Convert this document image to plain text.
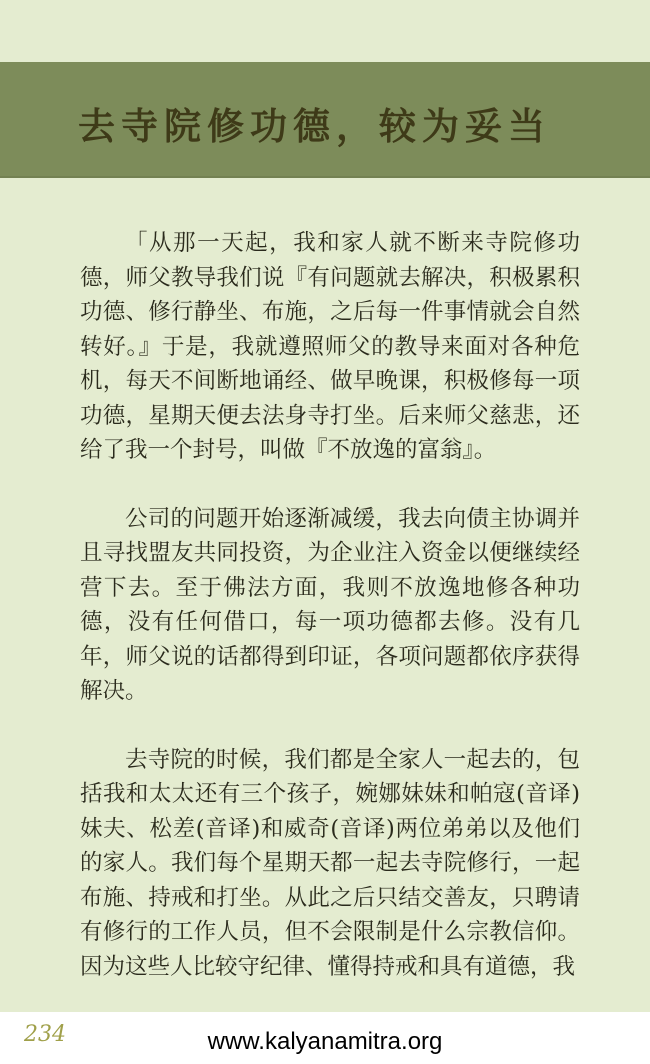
去寺院修功德，较为妥当

「从那一天起，我和家人就不断来寺院修功德，师父教导我们说『有问题就去解决，积极累积功德、修行静坐、布施，之后每一件事情就会自然转好。』于是，我就遵照师父的教导来面对各种危机，每天不间断地诵经、做早晚课，积极修每一项功德，星期天便去法身寺打坐。后来师父慈悲，还给了我一个封号，叫做『不放逸的富翁』。

公司的问题开始逐渐减缓，我去向债主协调并且寻找盟友共同投资，为企业注入资金以便继续经营下去。至于佛法方面，我则不放逸地修各种功德，没有任何借口，每一项功德都去修。没有几年，师父说的话都得到印证，各项问题都依序获得解决。

去寺院的时候，我们都是全家人一起去的，包括我和太太还有三个孩子，婉娜妹妹和帕寇(音译)妹夫、松差(音译)和威奇(音译)两位弟弟以及他们的家人。我们每个星期天都一起去寺院修行，一起布施、持戒和打坐。从此之后只结交善友，只聘请有修行的工作人员，但不会限制是什么宗教信仰。因为这些人比较守纪律、懂得持戒和具有道德，我

234	www.kalyanamitra.org
